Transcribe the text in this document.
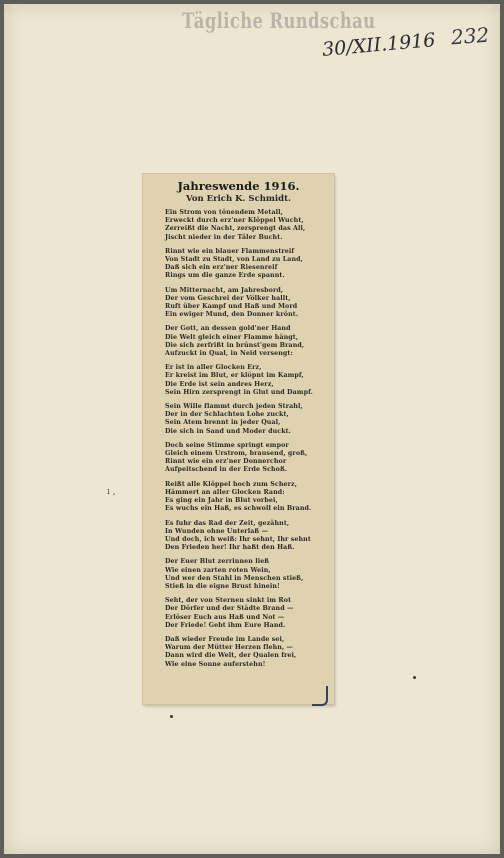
Tägliche Rundschau
30/XII.1916 232
ı ,
Jahreswende 1916.
Von Erich K. Schmidt.
Ein Strom von tönendem Metall,
Erweckt durch erz'ner Klöppel Wucht,
Zerreißt die Nacht, zersprengt das All,
Jischt nieder in der Täler Bucht.
Rinnt wie ein blauer Flammenstreif
Von Stadt zu Stadt, von Land zu Land,
Daß sich ein erz'ner Riesenreif
Rings um die ganze Erde spannt.
Um Mitternacht, am Jahresbord,
Der vom Geschrei der Völker hallt,
Ruft über Kampf und Haß und Mord
Ein ewiger Mund, den Donner krönt.
Der Gott, an dessen gold'ner Hand
Die Welt gleich einer Flamme hängt,
Die sich zerfrißt in brünst'gem Brand,
Aufzuckt in Qual, in Neid versengt:
Er ist in aller Glocken Erz,
Er kreist im Blut, er klöpnt im Kampf,
Die Erde ist sein andres Herz,
Sein Hirn zersprengt in Glut und Dampf.
Sein Wille flammt durch jeden Strahl,
Der in der Schlachten Lohe zuckt,
Sein Atem brennt in jeder Qual,
Die sich in Sand und Moder duckt.
Doch seine Stimme springt empor
Gleich einem Urstrom, brausend, groß,
Rinnt wie ein erz'ner Donnerchor
Aufpeitschend in der Erde Schoß.
Reißt alle Klöppel hoch zum Scherz,
Hämmert an aller Glocken Rand:
Es ging ein Jahr in Blut vorbei,
Es wuchs ein Haß, es schwoll ein Brand.
Es fuhr das Rad der Zeit, gezähnt,
In Wunden ohne Unterlaß —
Und doch, ich weiß: Ihr sehnt, Ihr sehnt
Den Frieden her! Ihr haßt den Haß.
Der Euer Blut zerrinnen ließ
Wie einen zarten roten Wein,
Und wer den Stahl in Menschen stieß,
Stieß in die eigne Brust hinein!
Seht, der von Sternen sinkt im Rot
Der Dörfer und der Städte Brand —
Erlöser Euch aus Haß und Not —
Der Friede! Gebt ihm Eure Hand.
Daß wieder Freude im Lande sei,
Warum der Mütter Herzen flehn, —
Dann wird die Welt, der Qualen frei,
Wie eine Sonne auferstehn!
